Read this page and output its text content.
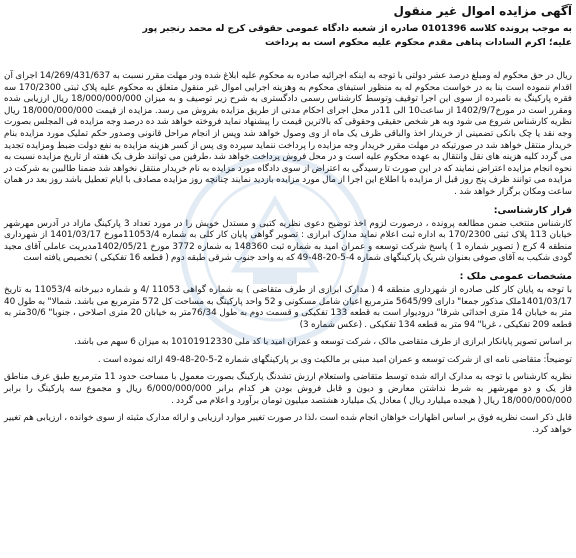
آگهی مزایده اموال غیر منقول
به موجب پرونده کلاسه 0101396 صادره از شعبه دادگاه عمومی حقوقی کرج له محمد رنجبر پور
علیه؛ اکرم السادات پناهی مقدم محکوم علیه محکوم است به پرداخت

ریال در حق محکوم له ومبلغ درصد عشر دولتی با توجه به اینکه اجرائیه صادره به محکوم علیه ابلاغ شده ودر مهلت مقرر نسبت به 14/269/431/637 اجرای آن اقدام ننموده است بنا به در خواست محکوم له به منظور استیفای محکوم به وهزینه اجرایی اموال غیر منقول متعلق به محکوم علیه پلاک ثبتی 170/2300 سه فقره پارکینگ به نامبرده از سوی این اجرا توقیف وتوسط کارشناس رسمی دادگستری به شرح زیر توصیف و به میزان 18/000/000/000 ریال ارزیابی شده ومقرر است در مورخ1402/9/7 از ساعت10 الی 11در محل اجرای احکام مدنی از طریق مزایده بفروش می رسد. مزایده از قیمت 18/000/000/000 ریال نظریه کارشناس شروع می شود وبه هر شخص حقیقی وحقوقی که بالاترین قیمت را پیشنهاد نماید فروخته خواهد شد ده درصد وجه مزایده فی المجلس بصورت وجه نقد یا چک بانکی تضمینی از خریدار اخذ والباقی ظرف یک ماه از وی وصول خواهد شد وپس از انجام مراحل قانونی وصدور حکم تملیک مورد مزایده بنام خریدار منتقل خواهد شد در صورتیکه در مهلت مقرر خریدار وجه مزایده را پرداخت ننماید سپرده وی پس از کسر هزینه مزایده به نفع دولت ضبط ومزایده تجدید می گردد کلیه هزینه های نقل وانتقال به عهده محکوم علیه است و در محل فروش پرداخت خواهد شد ،طرفین می توانند ظرف یک هفته از تاریخ مزایده نسبت به نحوه انجام مزایده اعتراض نمایند که در این صورت تا رسیدگی به اعتراض از سوی دادگاه مورد مزایده به نام خریدار منتقل نخواهد شد ضمنا طالبین به شرکت در مزایده می توانند ظرف پنج روز قبل از مزایده با اطلاع این اجرا از مال مورد مزایده بازدید نمایند چنانچه روز مزایده مصادف با ایام تعطیل باشد روز بعد در همان ساعت ومکان برگزار خواهد شد .

قرار کارشناسی:

کارشناس منتخب ضمن مطالعه پرونده ، درصورت لزوم اخذ توضیح دعوی نظریه کتبی و مستدل خویش را در مورد تعداد 3 پارکینگ مازاد در آدرس مهرشهر خیابان 113 پلاک ثبتی 170/2300 به اداره ثبت اعلام نماید مدارک ابرازی : تصویر گواهی پایان کار کلی به شماره 11053/4مورخ 1401/03/17 از شهرداری منطقه 4 کرج ( تصویر شماره 1 ) پاسخ شرکت توسعه و عمران امید به شماره ثبت 148360 به شماره 3772 مورخ 1402/05/21مدیریت عاملی آقای مجید گودی شکیب به آقای صوفی بعنوان شریک پارکینگهای شماره 4-5-20-48-49 که به واحد جنوب شرقی طبقه دوم ( قطعه 16 تفکیکی ) تخصیص یافته است

مشخصات عمومی ملک :

با توجه به پایان کار کلی صادره از شهرداری منطقه 4 ( مدارک ابرازی از طرف متقاضی ) به شماره گواهی 11053 /4 و شماره دبیرخانه 11053/4 به تاریخ 1401/03/17ملک مذکور جمعا" دارای 5645/99 مترمربع اعیان شامل مسکونی و 52 واحد پارکینگ به مساحت کل 572 مترمربع می باشد. شمالا" به طول 40 متر به خیابان 14 متری احداثی شرقا" درودیوار است به قطعه 133 تفکیکی و قسمت دوم به طول 76/34متر به خیابان 20 متری اصلاحی ، جنوبا" 30/6متر به قطعه 209 تفکیکی ، غربا" 94 متر به قطعه 134 تفکیکی . (عکس شماره 3)

بر اساس تصویر پایانکار ابرازی از طرف متقاضی مالک ، شرکت توسعه و عمران امید با کد ملی 10101912330 به میزان 6 سهم می باشد.

توضیحاً: متقاضی نامه ای از شرکت توسعه و عمران امید مبنی بر مالکیت وی بر پارکینگهای شماره 2-5-20-48-49 ارائه نموده است .

نظریه کارشناس با توجه به مدارک ارائه شده توسط متقاضی واستعلام ارزش تشدنگ پارکینگ بصورت معمول با مساحت حدود 11 مترمربع طبق عرف مناطق فاز یک و دو مهرشهر به شرط نداشتن معارض و دیون و قابل فروش بودن هر کدام برابر 6/000/000/000 ریال و مجموع سه پارکینگ را برابر 18/000/000/000 ریال ( هیجده میلیارد ریال ) معادل یک میلیارد هشتصد میلیون تومان برآورد و اعلام می گردد .

قابل ذکر است نظریه فوق بر اساس اظهارات خواهان انجام شده است ،لذا در صورت تغییر موارد ارزیابی و ارائه مدارک مثبته از سوی خوانده ، ارزیابی هم تغییر خواهد کرد.
